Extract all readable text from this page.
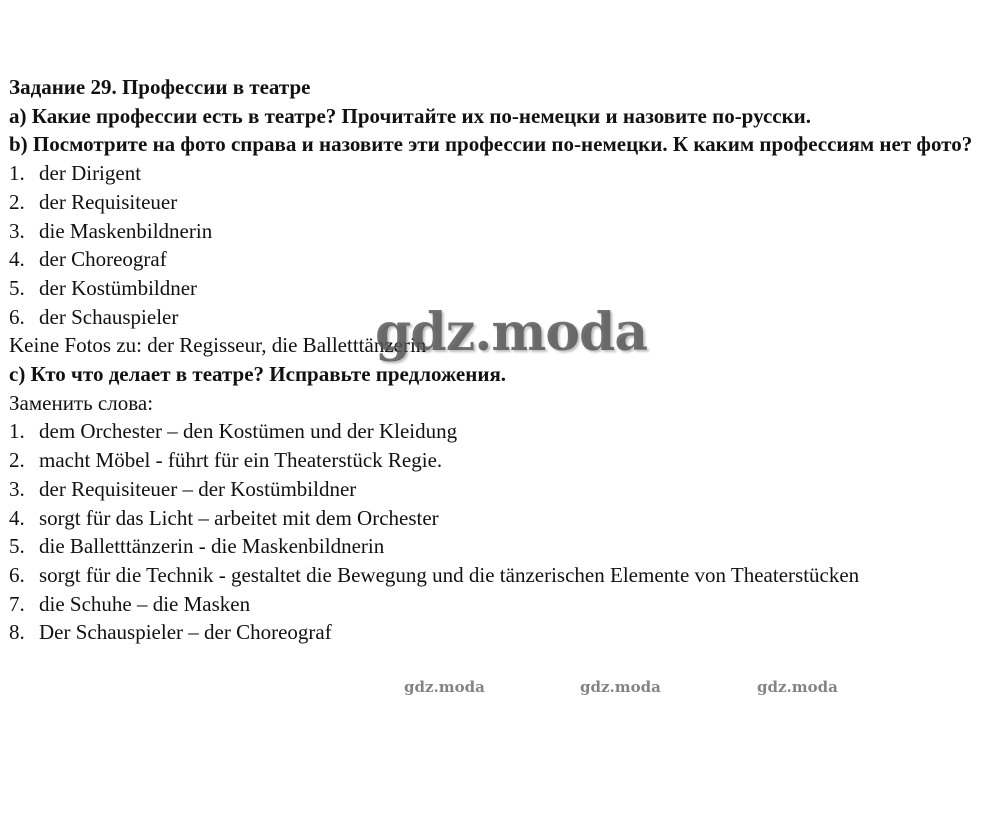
Задание 29. Профессии в театре
а) Какие профессии есть в театре? Прочитайте их по-немецки и назовите по-русски.
b) Посмотрите на фото справа и назовите эти профессии по-немецки. К каким профессиям нет фото?
1. der Dirigent
2. der Requisiteuer
3. die Maskenbildnerin
4. der Choreograf
5. der Kostümbildner
6. der Schauspieler
Keine Fotos zu: der Regisseur, die Balletttänzerin
с) Кто что делает в театре? Исправьте предложения.
Заменить слова:
1. dem Orchester – den Kostümen und der Kleidung
2. macht Möbel - führt für ein Theaterstück Regie.
3. der Requisiteuer – der Kostümbildner
4. sorgt für das Licht – arbeitet mit dem Orchester
5. die Balletttänzerin - die Maskenbildnerin
6. sorgt für die Technik - gestaltet die Bewegung und die tänzerischen Elemente von Theaterstücken
7. die Schuhe – die Masken
8. Der Schauspieler – der Choreograf
gdz.moda
gdz.moda	gdz.moda	gdz.moda
